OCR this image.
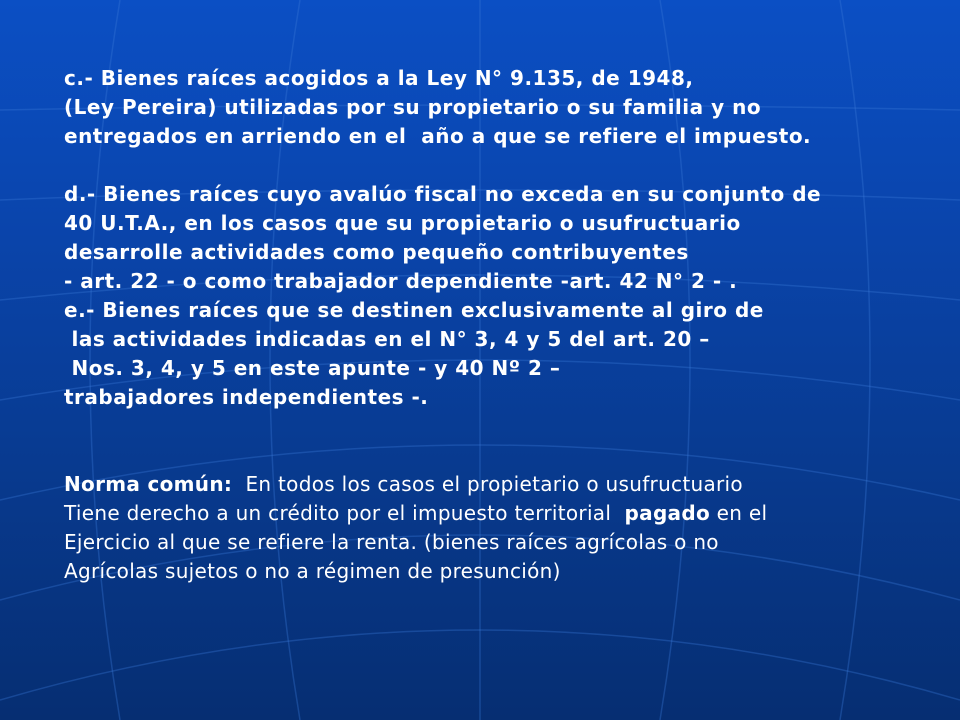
c.- Bienes raíces acogidos a la Ley N° 9.135, de 1948,

(Ley Pereira) utilizadas por su propietario o su familia y no

entregados en arriendo en el  año a que se refiere el impuesto.

d.- Bienes raíces cuyo avalúo fiscal no exceda en su conjunto de

40 U.T.A., en los casos que su propietario o usufructuario

desarrolle actividades como pequeño contribuyentes

- art. 22 - o como trabajador dependiente -art. 42 N° 2 - .

e.- Bienes raíces que se destinen exclusivamente al giro de

las actividades indicadas en el N° 3, 4 y 5 del art. 20 –

Nos. 3, 4, y 5 en este apunte - y 40 Nº 2 –

trabajadores independientes -.

Norma común:  En todos los casos el propietario o usufructuario
Tiene derecho a un crédito por el impuesto territorial  pagado en el
Ejercicio al que se refiere la renta. (bienes raíces agrícolas o no
Agrícolas sujetos o no a régimen de presunción)
